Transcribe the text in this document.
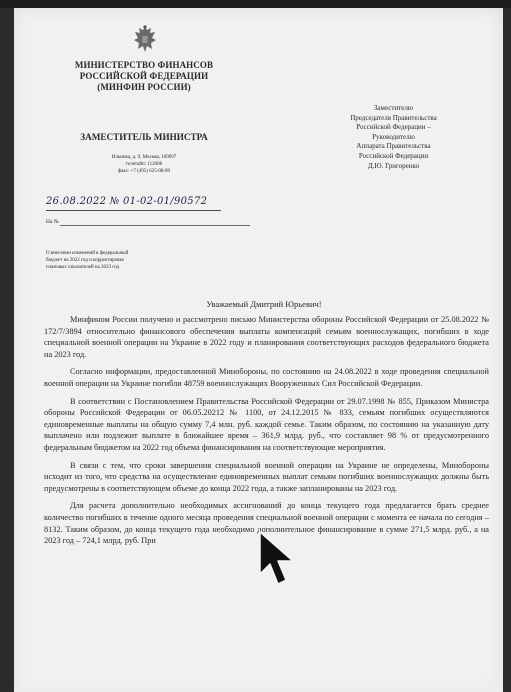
МИНИСТЕРСТВО ФИНАНСОВ
РОССИЙСКОЙ ФЕДЕРАЦИИ
(МИНФИН РОССИИ)
ЗАМЕСТИТЕЛЬ МИНИСТРА
Ильинка, д. 9, Москва, 109097
телетайп: 112008
факс: +7 (495) 625-08-89
26.08.2022 № 01-02-01/90572
На №
О внесении изменений в федеральный
бюджет на 2022 год и корректировке
плановых показателей на 2023 год
Заместителю
Председателя Правительства
Российской Федерации –
Руководителю
Аппарата Правительства
Российской Федерации
Д.Ю. Григоренко
Уважаемый Дмитрий Юрьевич!

Минфином России получено и рассмотрено письмо Министерства обороны Российской Федерации от 25.08.2022 № 172/7/3894 относительно финансового обеспечения выплаты компенсаций семьям военнослужащих, погибших в ходе специальной военной операции на Украине в 2022 году и планирования соответствующих расходов федерального бюджета на 2023 год.

Согласно информации, предоставленной Минобороны, по состоянию на 24.08.2022 в ходе проведения специальной военной операции на Украине погибли 48759 военнослужащих Вооруженных Сил Российской Федерации.

В соответствии с Постановлением Правительства Российской Федерации от 29.07.1998 № 855, Приказом Министра обороны Российской Федерации от 06.05.20212 № 1100, от 24.12.2015 № 833, семьям погибших осуществляются единовременные выплаты на общую сумму 7,4 млн. руб. каждой семье. Таким образом, по состоянию на указанную дату выплачено или подлежит выплате в ближайшее время – 361,9 млрд. руб., что составляет 98 % от предусмотренного федеральным бюджетом на 2022 год объема финансирования на соответствующие мероприятия.

В связи с тем, что сроки завершения специальной военной операции на Украине не определены, Минобороны исходит из того, что средства на осуществление единовременных выплат семьям погибших военнослужащих должны быть предусмотрены в соответствующем объеме до конца 2022 года, а также запланированы на 2023 год.

Для расчета дополнительно необходимых ассигнований до конца текущего года предлагается брать среднее количество погибших в течение одного месяца проведения специальной военной операции с момента ее начала по сегодня – 8132. Таким образом, до конца текущего года необходимо дополнительное финансирование в сумме 271,5 млрд. руб., а на 2023 год – 724,1 млрд. руб. При
